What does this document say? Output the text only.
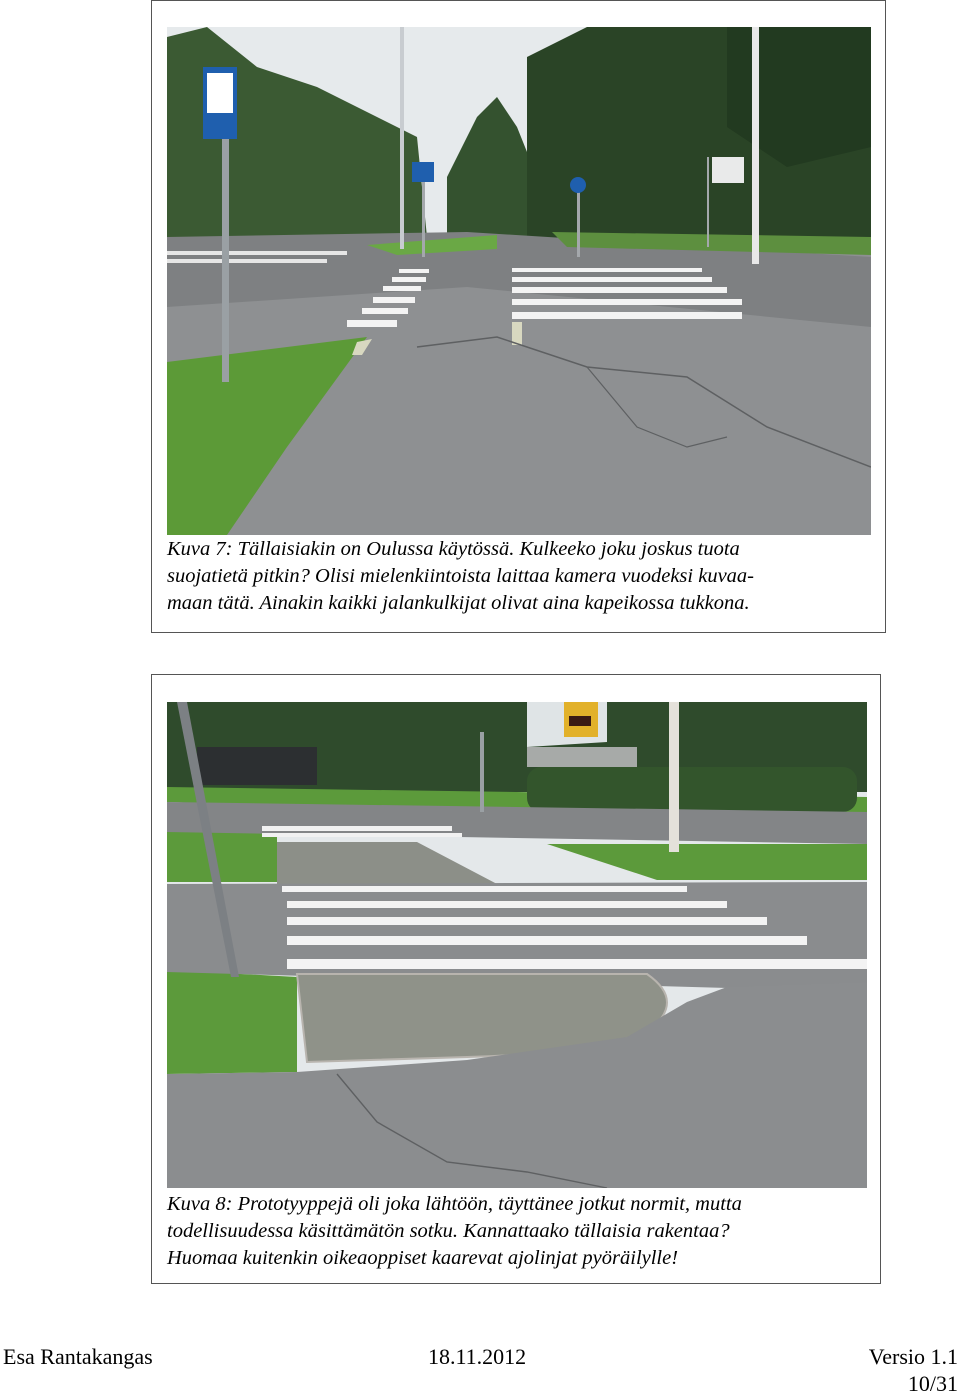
Kuva 7: Tällaisiakin on Oulussa käytössä. Kulkeeko joku joskus tuota
suojatietä pitkin? Olisi mielenkiintoista laittaa kamera vuodeksi kuvaa-
maan tätä. Ainakin kaikki jalankulkijat olivat aina kapeikossa tukkona.
Kuva 8: Prototyyppejä oli joka lähtöön, täyttänee jotkut normit, mutta
todellisuudessa käsittämätön sotku. Kannattaako tällaisia rakentaa?
Huomaa kuitenkin oikeaoppiset kaarevat ajolinjat pyöräilylle!
Esa Rantakangas	18.11.2012	Versio 1.1
10/31
